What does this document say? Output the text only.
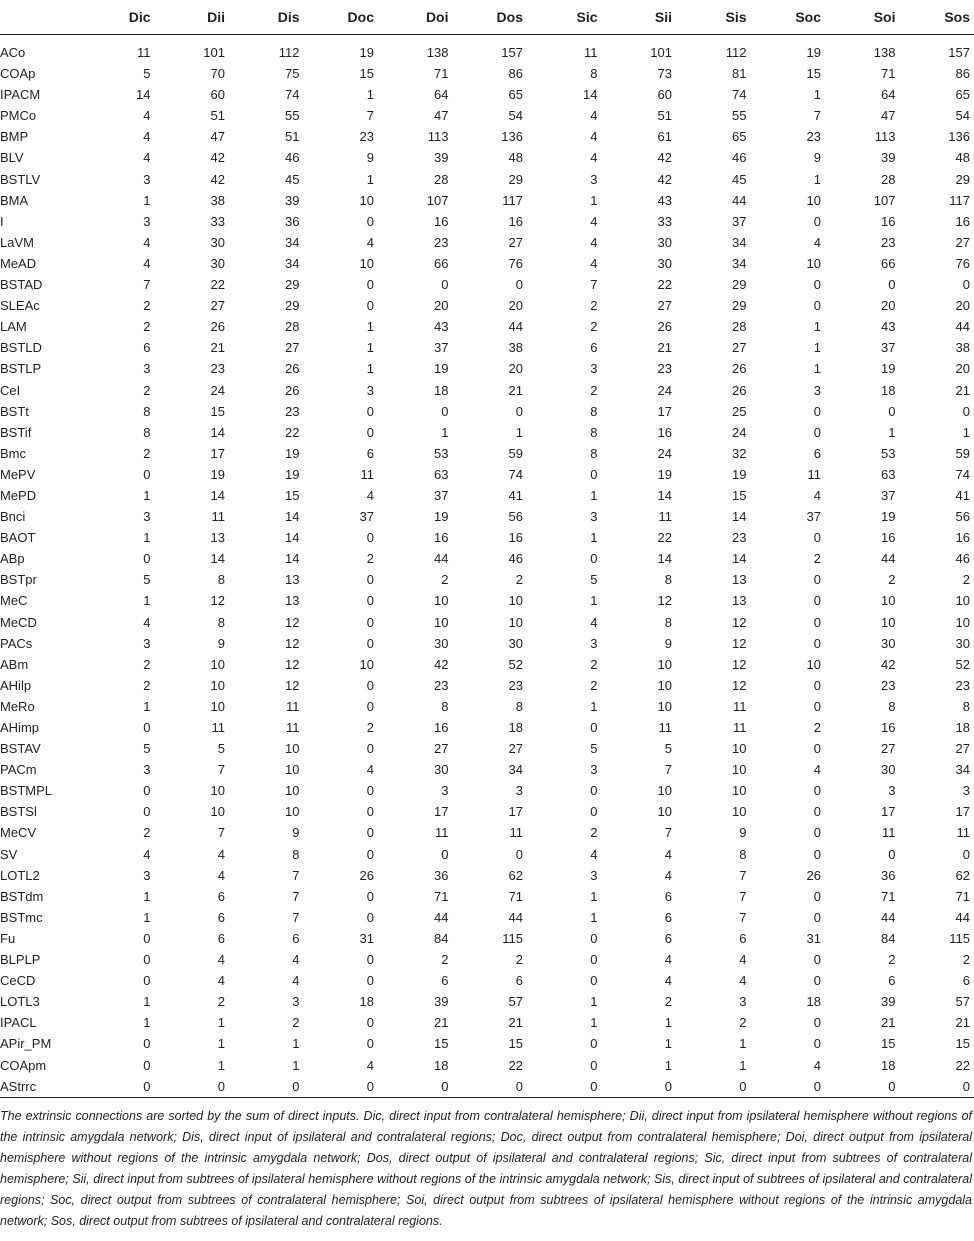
	Dic	Dii	Dis	Doc	Doi	Dos	Sic	Sii	Sis	Soc	Soi	Sos
ACo	11	101	112	19	138	157	11	101	112	19	138	157
COAp	5	70	75	15	71	86	8	73	81	15	71	86
IPACM	14	60	74	1	64	65	14	60	74	1	64	65
PMCo	4	51	55	7	47	54	4	51	55	7	47	54
BMP	4	47	51	23	113	136	4	61	65	23	113	136
BLV	4	42	46	9	39	48	4	42	46	9	39	48
BSTLV	3	42	45	1	28	29	3	42	45	1	28	29
BMA	1	38	39	10	107	117	1	43	44	10	107	117
I	3	33	36	0	16	16	4	33	37	0	16	16
LaVM	4	30	34	4	23	27	4	30	34	4	23	27
MeAD	4	30	34	10	66	76	4	30	34	10	66	76
BSTAD	7	22	29	0	0	0	7	22	29	0	0	0
SLEAc	2	27	29	0	20	20	2	27	29	0	20	20
LAM	2	26	28	1	43	44	2	26	28	1	43	44
BSTLD	6	21	27	1	37	38	6	21	27	1	37	38
BSTLP	3	23	26	1	19	20	3	23	26	1	19	20
CeI	2	24	26	3	18	21	2	24	26	3	18	21
BSTt	8	15	23	0	0	0	8	17	25	0	0	0
BSTif	8	14	22	0	1	1	8	16	24	0	1	1
Bmc	2	17	19	6	53	59	8	24	32	6	53	59
MePV	0	19	19	11	63	74	0	19	19	11	63	74
MePD	1	14	15	4	37	41	1	14	15	4	37	41
Bnci	3	11	14	37	19	56	3	11	14	37	19	56
BAOT	1	13	14	0	16	16	1	22	23	0	16	16
ABp	0	14	14	2	44	46	0	14	14	2	44	46
BSTpr	5	8	13	0	2	2	5	8	13	0	2	2
MeC	1	12	13	0	10	10	1	12	13	0	10	10
MeCD	4	8	12	0	10	10	4	8	12	0	10	10
PACs	3	9	12	0	30	30	3	9	12	0	30	30
ABm	2	10	12	10	42	52	2	10	12	10	42	52
AHilp	2	10	12	0	23	23	2	10	12	0	23	23
MeRo	1	10	11	0	8	8	1	10	11	0	8	8
AHimp	0	11	11	2	16	18	0	11	11	2	16	18
BSTAV	5	5	10	0	27	27	5	5	10	0	27	27
PACm	3	7	10	4	30	34	3	7	10	4	30	34
BSTMPL	0	10	10	0	3	3	0	10	10	0	3	3
BSTSl	0	10	10	0	17	17	0	10	10	0	17	17
MeCV	2	7	9	0	11	11	2	7	9	0	11	11
SV	4	4	8	0	0	0	4	4	8	0	0	0
LOTL2	3	4	7	26	36	62	3	4	7	26	36	62
BSTdm	1	6	7	0	71	71	1	6	7	0	71	71
BSTmc	1	6	7	0	44	44	1	6	7	0	44	44
Fu	0	6	6	31	84	115	0	6	6	31	84	115
BLPLP	0	4	4	0	2	2	0	4	4	0	2	2
CeCD	0	4	4	0	6	6	0	4	4	0	6	6
LOTL3	1	2	3	18	39	57	1	2	3	18	39	57
IPACL	1	1	2	0	21	21	1	1	2	0	21	21
APir_PM	0	1	1	0	15	15	0	1	1	0	15	15
COApm	0	1	1	4	18	22	0	1	1	4	18	22
AStrrc	0	0	0	0	0	0	0	0	0	0	0	0

The extrinsic connections are sorted by the sum of direct inputs. Dic, direct input from contralateral hemisphere; Dii, direct input from ipsilateral hemisphere without regions of the intrinsic amygdala network; Dis, direct input of ipsilateral and contralateral regions; Doc, direct output from contralateral hemisphere; Doi, direct output from ipsilateral hemisphere without regions of the intrinsic amygdala network; Dos, direct output of ipsilateral and contralateral regions; Sic, direct input from subtrees of contralateral hemisphere; Sii, direct input from subtrees of ipsilateral hemisphere without regions of the intrinsic amygdala network; Sis, direct input of subtrees of ipsilateral and contralateral regions; Soc, direct output from subtrees of contralateral hemisphere; Soi, direct output from subtrees of ipsilateral hemisphere without regions of the intrinsic amygdala network; Sos, direct output from subtrees of ipsilateral and contralateral regions.
